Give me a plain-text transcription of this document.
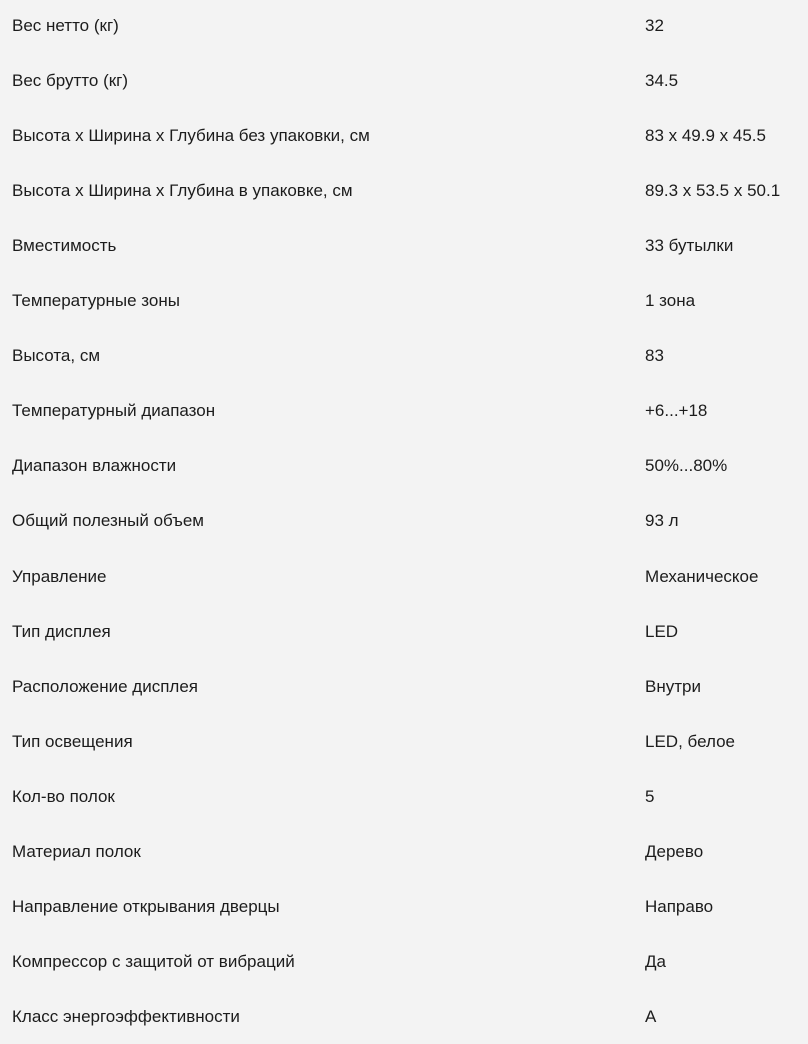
Вес нетто (кг)	32
Вес брутто (кг)	34.5
Высота x Ширина x Глубина без упаковки, см	83 x 49.9 x 45.5
Высота x Ширина x Глубина в упаковке, см	89.3 x 53.5 x 50.1
Вместимость	33 бутылки
Температурные зоны	1 зона
Высота, см	83
Температурный диапазон	+6...+18
Диапазон влажности	50%...80%
Общий полезный объем	93 л
Управление	Механическое
Тип дисплея	LED
Расположение дисплея	Внутри
Тип освещения	LED, белое
Кол-во полок	5
Материал полок	Дерево
Направление открывания дверцы	Направо
Компрессор с защитой от вибраций	Да
Класс энергоэффективности	A
